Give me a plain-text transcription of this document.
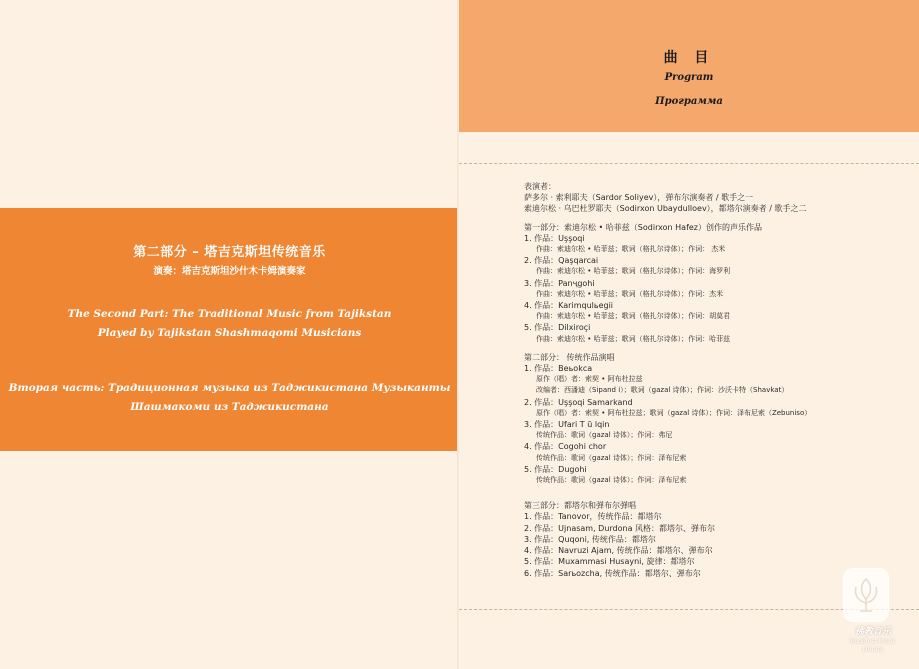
第二部分 – 塔吉克斯坦传统音乐
演奏：塔吉克斯坦沙什木卡姆演奏家
The Second Part: The Traditional Music from Tajikstan
Played by Tajikstan Shashmaqomi Musicians
Вторая часть: Традиционная музыка из Таджикистана Музыканты
Шашмакоми из Таджикистана
曲 目
Program
Программа
表演者：
萨多尔 · 索利耶夫（Sardor Soliyev），弹布尔演奏者 / 歌手之一
索迪尔松 · 乌巴杜罗耶夫（Sodirxon Ubaydulloev），都塔尔演奏者 / 歌手之二
第一部分：索迪尔松 • 哈菲兹（Sodirxon Hafez）创作的声乐作品
1. 作品：Uşşoqi
作曲：索迪尔松 • 哈菲兹；歌词（格扎尔诗体）；作词： 杰米
2. 作品：Qaşqarcai
作曲：索迪尔松 • 哈菲兹；歌词（格扎尔诗体）；作词：海罗利
3. 作品：Panҷgohi
作曲：索迪尔松 • 哈菲兹；歌词（格扎尔诗体）；作词：杰米
4. 作品：Karimqulьegii
作曲：索迪尔松 • 哈菲兹；歌词（格扎尔诗体）；作词：胡莫君
5. 作品：Dilxiroçi
作曲：索迪尔松 • 哈菲兹；歌词（格扎尔诗体）；作词：哈菲兹
第二部分： 传统作品演唱
1. 作品：Beьokca
原作（唱）者：索契 • 阿布杜拉兹
改编者：西潘迪（Sipand i）；歌词（gazal 诗体）；作词：沙沃卡特（Shavkat）
2. 作品：Uşşoqi Samarkand
原作（唱）者：索契 • 阿布杜拉兹；歌词（gazal 诗体）；作词：泽布尼索（Zebuniso）
3. 作品：Ufari T ū lqin
传统作品：歌词（gazal 诗体）；作词：弗尼
4. 作品：Cogohi chor
传统作品：歌词（gazal 诗体）；作词：泽布尼索
5. 作品：Dugohi
传统作品：歌词（gazal 诗体）；作词：泽布尼索
第三部分：都塔尔和弹布尔弹唱
1. 作品：Tanovor，传统作品：都塔尔
2. 作品：Ujnasam, Durdona 风格：都塔尔、弹布尔
3. 作品：Quqoni, 传统作品：都塔尔
4. 作品：Navruzi Ajam, 传统作品：都塔尔、弹布尔
5. 作品：Muxammasi Husayni, 旋律：都塔尔
6. 作品：Sarьozcha, 传统作品：都塔尔、弹布尔
佛教音乐
Buddhist Music
Library
